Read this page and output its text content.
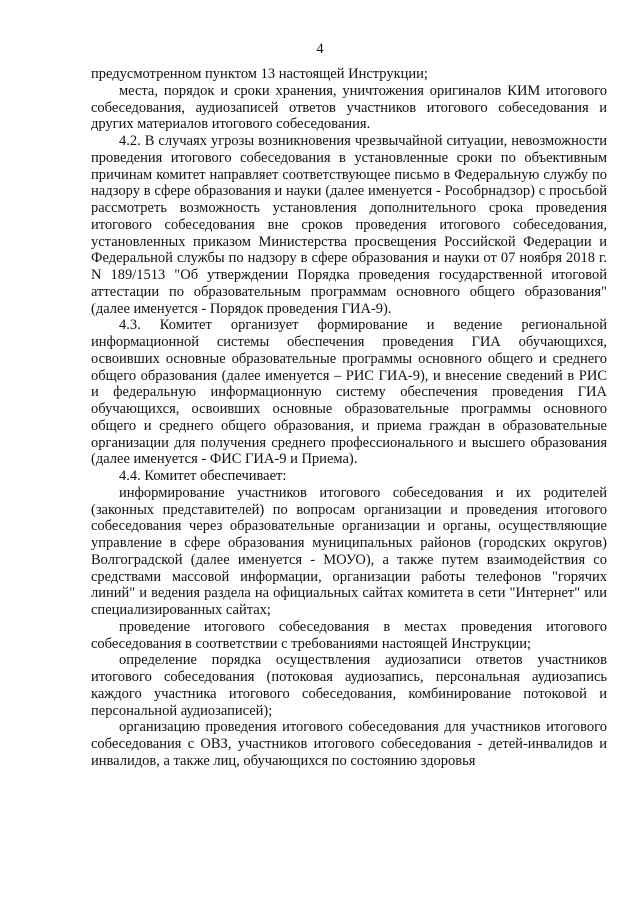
4

предусмотренном пунктом 13 настоящей Инструкции;

места, порядок и сроки хранения, уничтожения оригиналов КИМ итогового собеседования, аудиозаписей ответов участников итогового собеседования и других материалов итогового собеседования.

4.2. В случаях угрозы возникновения чрезвычайной ситуации, невозможности проведения итогового собеседования в установленные сроки по объективным причинам комитет направляет соответствующее письмо в Федеральную службу по надзору в сфере образования и науки (далее именуется - Рособрнадзор) с просьбой рассмотреть возможность установления дополнительного срока проведения итогового собеседования вне сроков проведения итогового собеседования, установленных приказом Министерства просвещения Российской Федерации и Федеральной службы по надзору в сфере образования и науки от 07 ноября 2018 г. N 189/1513 "Об утверждении Порядка проведения государственной итоговой аттестации по образовательным программам основного общего образования" (далее именуется - Порядок проведения ГИА-9).

4.3. Комитет организует формирование и ведение региональной информационной системы обеспечения проведения ГИА обучающихся, освоивших основные образовательные программы основного общего и среднего общего образования (далее именуется – РИС ГИА-9), и внесение сведений в РИС и федеральную информационную систему обеспечения проведения ГИА обучающихся, освоивших основные образовательные программы основного общего и среднего общего образования, и приема граждан в образовательные организации для получения среднего профессионального и высшего образования (далее именуется - ФИС ГИА-9 и Приема).

4.4. Комитет обеспечивает:

информирование участников итогового собеседования и их родителей (законных представителей) по вопросам организации и проведения итогового собеседования через образовательные организации и органы, осуществляющие управление в сфере образования муниципальных районов (городских округов) Волгоградской (далее именуется - МОУО), а также путем взаимодействия со средствами массовой информации, организации работы телефонов "горячих линий" и ведения раздела на официальных сайтах комитета в сети "Интернет" или специализированных сайтах;

проведение итогового собеседования в местах проведения итогового собеседования в соответствии с требованиями настоящей Инструкции;

определение порядка осуществления аудиозаписи ответов участников итогового собеседования (потоковая аудиозапись, персональная аудиозапись каждого участника итогового собеседования, комбинирование потоковой и персональной аудиозаписей);

организацию проведения итогового собеседования для участников итогового собеседования с ОВЗ, участников итогового собеседования - детей-инвалидов и инвалидов, а также лиц, обучающихся по состоянию здоровья
